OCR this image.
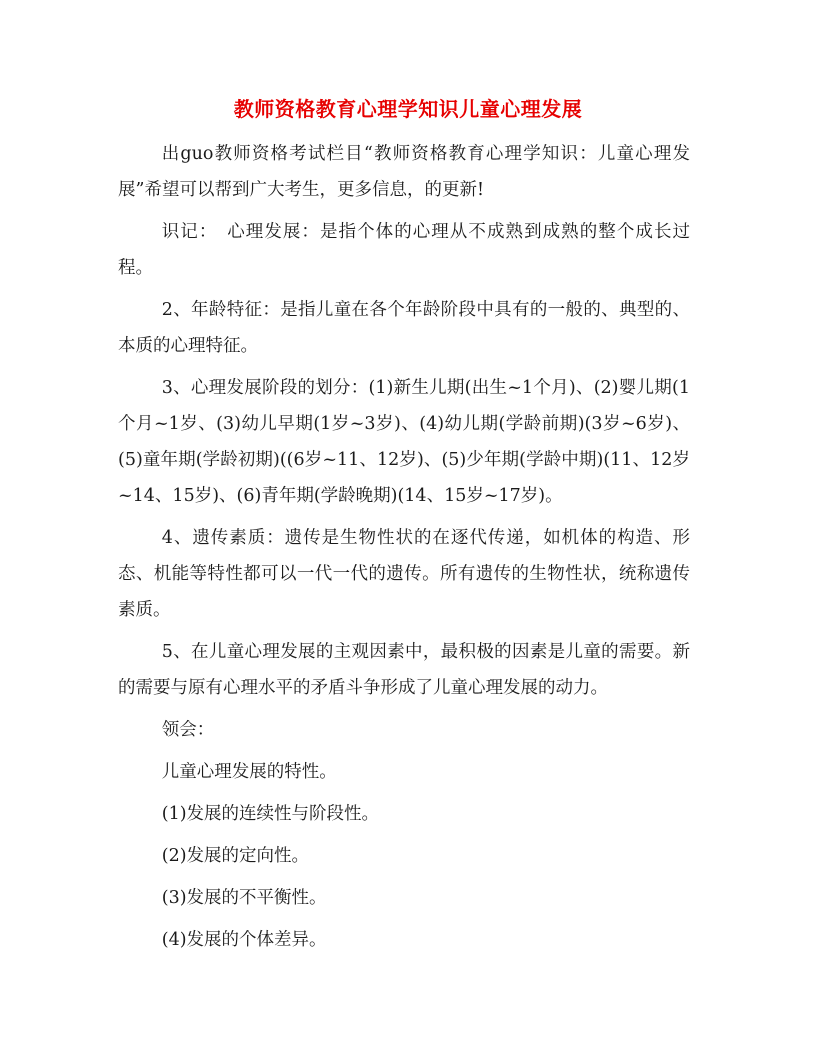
教师资格教育心理学知识儿童心理发展

出guo教师资格考试栏目“教师资格教育心理学知识：儿童心理发展”希望可以帮到广大考生，更多信息，的更新!

识记：　心理发展：是指个体的心理从不成熟到成熟的整个成长过程。

2、年龄特征：是指儿童在各个年龄阶段中具有的一般的、典型的、本质的心理特征。

3、心理发展阶段的划分：(1)新生儿期(出生~1个月)、(2)婴儿期(1个月~1岁、(3)幼儿早期(1岁~3岁)、(4)幼儿期(学龄前期)(3岁~6岁)、(5)童年期(学龄初期)((6岁~11、12岁)、(5)少年期(学龄中期)(11、12岁~14、15岁)、(6)青年期(学龄晚期)(14、15岁~17岁)。

4、遗传素质：遗传是生物性状的在逐代传递，如机体的构造、形态、机能等特性都可以一代一代的遗传。所有遗传的生物性状，统称遗传素质。

5、在儿童心理发展的主观因素中，最积极的因素是儿童的需要。新的需要与原有心理水平的矛盾斗争形成了儿童心理发展的动力。

领会：

儿童心理发展的特性。

(1)发展的连续性与阶段性。

(2)发展的定向性。

(3)发展的不平衡性。

(4)发展的个体差异。
